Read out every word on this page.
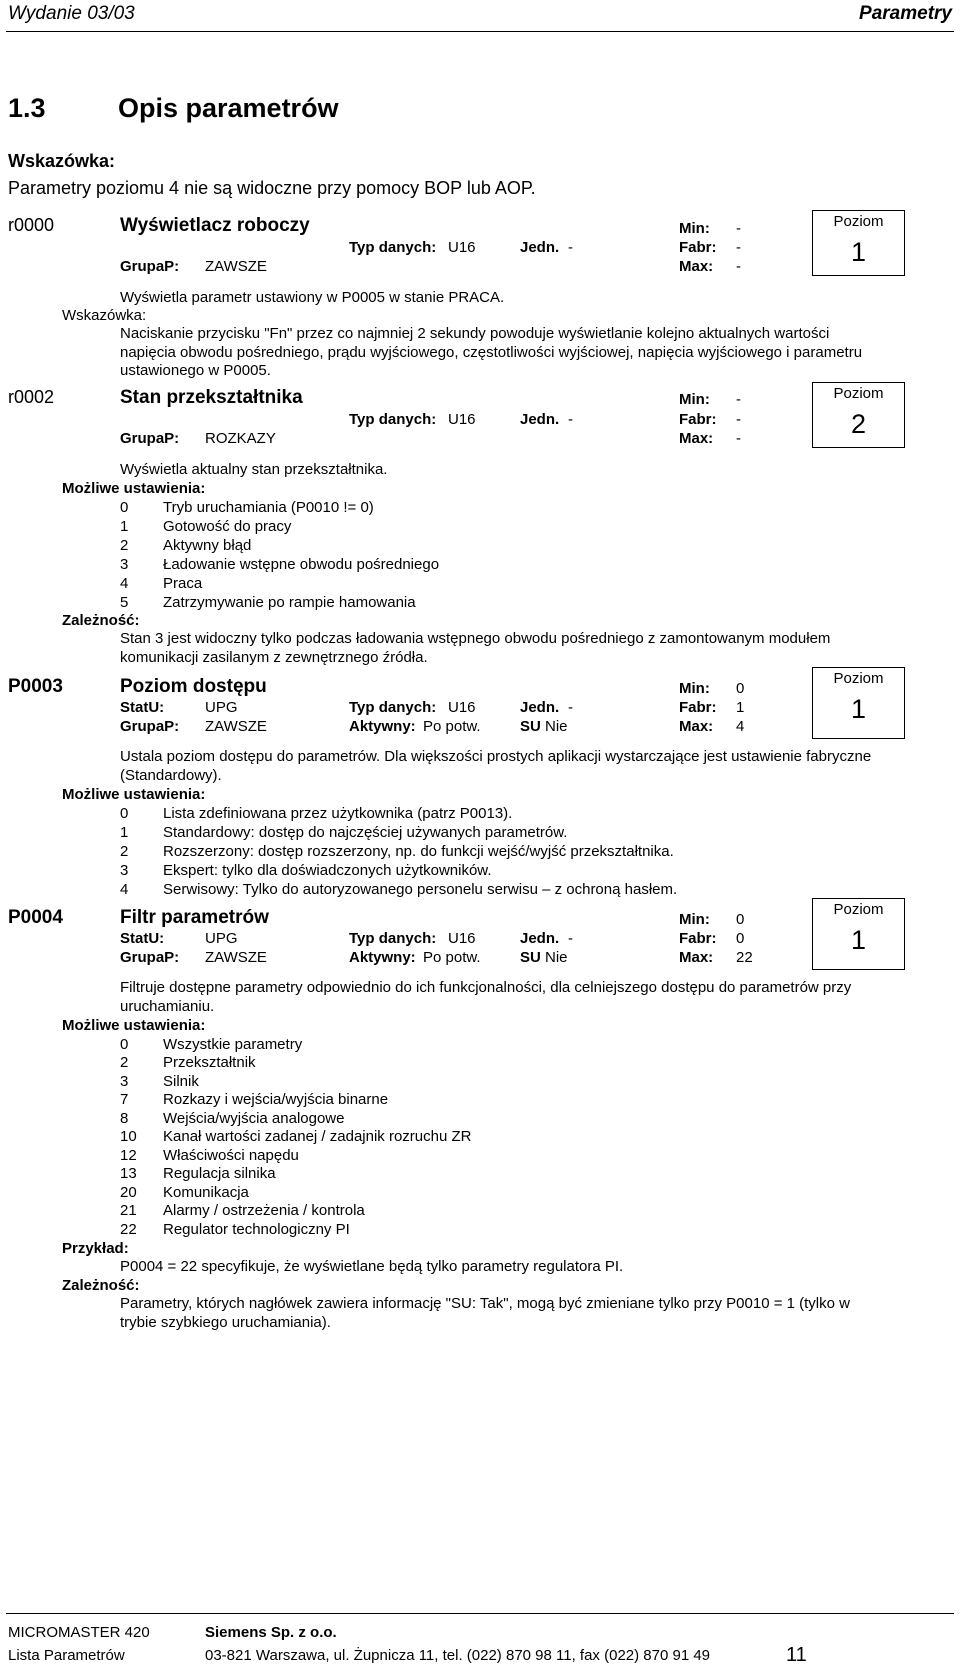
Wydanie 03/03	Parametry
1.3	Opis parametrów
Wskazówka:
Parametry poziomu 4 nie są widoczne przy pomocy BOP lub AOP.
r0000	Wyświetlacz roboczy	Min: -
Typ danych: U16	Jedn. -	Fabr: -
GrupaP: ZAWSZE	Max: -
Poziom
1
Wyświetla parametr ustawiony w P0005 w stanie PRACA.
Wskazówka:
Naciskanie przycisku "Fn" przez co najmniej 2 sekundy powoduje wyświetlanie kolejno aktualnych wartości napięcia obwodu pośredniego, prądu wyjściowego, częstotliwości wyjściowej, napięcia wyjściowego i parametru ustawionego w P0005.
r0002	Stan przekształtnika	Min: -
Typ danych: U16	Jedn. -	Fabr: -
GrupaP: ROZKAZY	Max: -
Poziom
2
Wyświetla aktualny stan przekształtnika.
Możliwe ustawienia:
0 Tryb uruchamiania (P0010 != 0)
1 Gotowość do pracy
2 Aktywny błąd
3 Ładowanie wstępne obwodu pośredniego
4 Praca
5 Zatrzymywanie po rampie hamowania
Zależność:
Stan 3 jest widoczny tylko podczas ładowania wstępnego obwodu pośredniego z zamontowanym modułem komunikacji zasilanym z zewnętrznego źródła.
P0003	Poziom dostępu	Min: 0
StatU:	UPG	Typ danych: U16	Jedn. -	Fabr: 1
GrupaP: ZAWSZE	Aktywny: Po potw.	SU Nie	Max: 4
Poziom
1
Ustala poziom dostępu do parametrów. Dla większości prostych aplikacji wystarczające jest ustawienie fabryczne (Standardowy).
Możliwe ustawienia:
0 Lista zdefiniowana przez użytkownika (patrz P0013).
1 Standardowy: dostęp do najczęściej używanych parametrów.
2 Rozszerzony: dostęp rozszerzony, np. do funkcji wejść/wyjść przekształtnika.
3 Ekspert: tylko dla doświadczonych użytkowników.
4 Serwisowy: Tylko do autoryzowanego personelu serwisu – z ochroną hasłem.
P0004	Filtr parametrów	Min: 0
StatU:	UPG	Typ danych: U16	Jedn. -	Fabr: 0
GrupaP: ZAWSZE	Aktywny: Po potw.	SU Nie	Max: 22
Poziom
1
Filtruje dostępne parametry odpowiednio do ich funkcjonalności, dla celniejszego dostępu do parametrów przy uruchamianiu.
Możliwe ustawienia:
0 Wszystkie parametry
2 Przekształtnik
3 Silnik
7 Rozkazy i wejścia/wyjścia binarne
8 Wejścia/wyjścia analogowe
10 Kanał wartości zadanej / zadajnik rozruchu ZR
12 Właściwości napędu
13 Regulacja silnika
20 Komunikacja
21 Alarmy / ostrzeżenia / kontrola
22 Regulator technologiczny PI
Przykład:
P0004 = 22 specyfikuje, że wyświetlane będą tylko parametry regulatora PI.
Zależność:
Parametry, których nagłówek zawiera informację "SU: Tak", mogą być zmieniane tylko przy P0010 = 1 (tylko w trybie szybkiego uruchamiania).
MICROMASTER 420	Siemens Sp. z o.o.
Lista Parametrów	03-821 Warszawa, ul. Żupnicza 11, tel. (022) 870 98 11, fax (022) 870 91 49	11
